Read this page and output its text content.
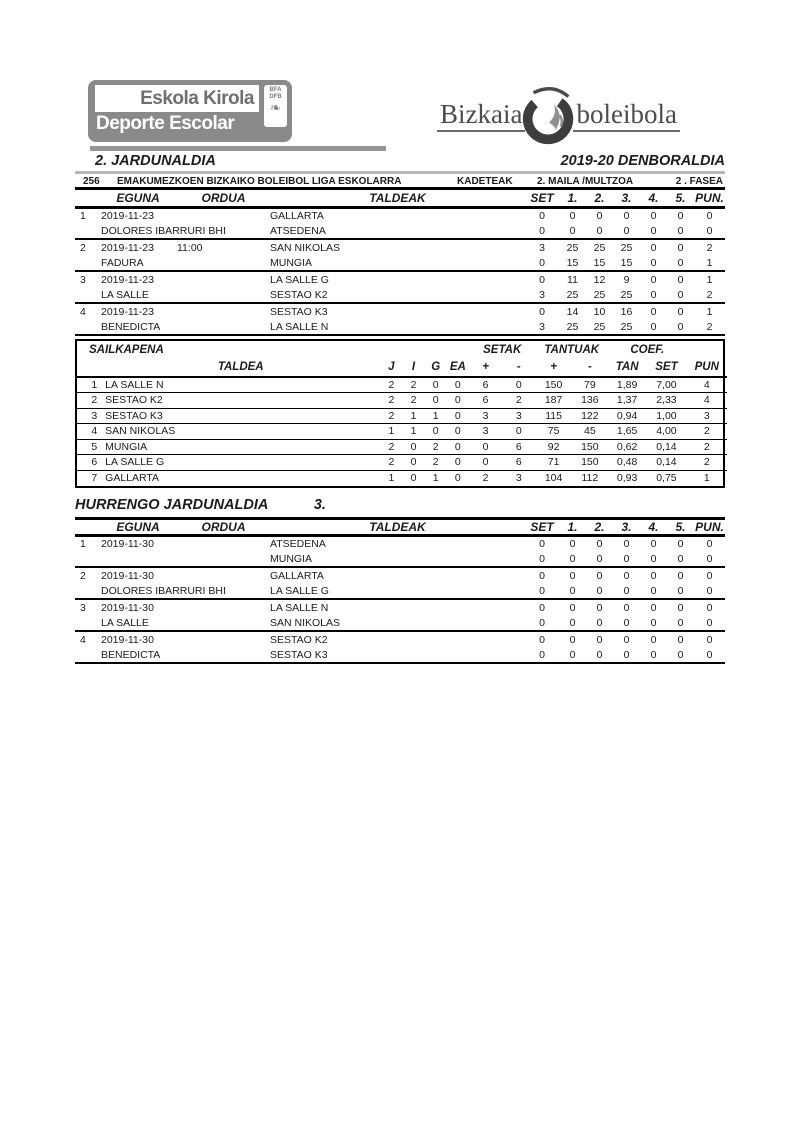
Eskola Kirola
Deporte Escolar
BFA
DFB
❧	Bizkaia boleibola
2. JARDUNALDIA	2019-20 DENBORALDIA
256 EMAKUMEZKOEN BIZKAIKO BOLEIBOL LIGA ESKOLARRA	KADETEAK 2. MAILA /MULTZOA	2 . FASEA
	EGUNA	ORDUA	TALDEAK	SET	1.	2.	3.	4.	5.	PUN.
1	2019-11-23		GALLARTA	0	0	0	0	0	0	0
	DOLORES IBARRURI BHI		ATSEDENA	0	0	0	0	0	0	0
2	2019-11-23	11:00	SAN NIKOLAS	3	25	25	25	0	0	2
	FADURA		MUNGIA	0	15	15	15	0	0	1
3	2019-11-23		LA SALLE G	0	11	12	9	0	0	1
	LA SALLE		SESTAO K2	3	25	25	25	0	0	2
4	2019-11-23		SESTAO K3	0	14	10	16	0	0	1
	BENEDICTA		LA SALLE N	3	25	25	25	0	0	2
SAILKAPENA						SETAK		TANTUAK		COEF.		
	TALDEA	J	I	G	EA	+	-	+	-	TAN	SET	PUN
1	LA SALLE N	2	2	0	0	6	0	150	79	1,89	7,00	4
2	SESTAO K2	2	2	0	0	6	2	187	136	1,37	2,33	4
3	SESTAO K3	2	1	1	0	3	3	115	122	0,94	1,00	3
4	SAN NIKOLAS	1	1	0	0	3	0	75	45	1,65	4,00	2
5	MUNGIA	2	0	2	0	0	6	92	150	0,62	0,14	2
6	LA SALLE G	2	0	2	0	0	6	71	150	0,48	0,14	2
7	GALLARTA	1	0	1	0	2	3	104	112	0,93	0,75	1
HURRENGO JARDUNALDIA	3.
	EGUNA	ORDUA	TALDEAK	SET	1.	2.	3.	4.	5.	PUN.
1	2019-11-30		ATSEDENA	0	0	0	0	0	0	0
			MUNGIA	0	0	0	0	0	0	0
2	2019-11-30		GALLARTA	0	0	0	0	0	0	0
	DOLORES IBARRURI BHI		LA SALLE G	0	0	0	0	0	0	0
3	2019-11-30		LA SALLE N	0	0	0	0	0	0	0
	LA SALLE		SAN NIKOLAS	0	0	0	0	0	0	0
4	2019-11-30		SESTAO K2	0	0	0	0	0	0	0
	BENEDICTA		SESTAO K3	0	0	0	0	0	0	0
